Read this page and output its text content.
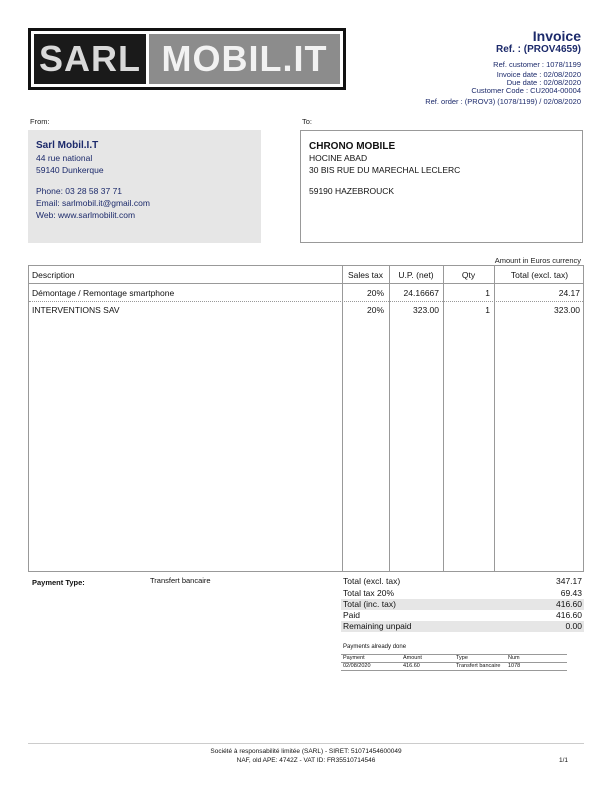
SARL MOBIL.IT
Invoice
Ref. : (PROV4659)
Ref. customer : 1078/1199
Invoice date : 02/08/2020
Due date : 02/08/2020
Customer Code : CU2004-00004
Ref. order : (PROV3) (1078/1199) / 02/08/2020
From:	To:
Sarl Mobil.I.T
44 rue national
59140 Dunkerque
Phone: 03 28 58 37 71
Email: sarlmobil.it@gmail.com
Web: www.sarlmobilit.com
CHRONO MOBILE
HOCINE ABAD
30 BIS RUE DU MARECHAL LECLERC
59190 HAZEBROUCK
Amount in Euros currency
Description	Sales tax	U.P. (net)	Qty	Total (excl. tax)
Démontage / Remontage smartphone	20% 24.16667	1	24.17
INTERVENTIONS SAV	20%	323.00	1	323.00
Payment Type:	Transfert bancaire	Total (excl. tax)	347.17
Total tax 20%	69.43
Total (inc. tax)	416.60
Paid	416.60
Remaining unpaid	0.00
Payments already done
Payment	Amount	Type	Num
02/08/2020	416.60	Transfert bancaire 1078
Société à responsabilité limitée (SARL) - SIRET: 51071454600049
NAF, old APE: 4742Z - VAT ID: FR35510714546	1/1
